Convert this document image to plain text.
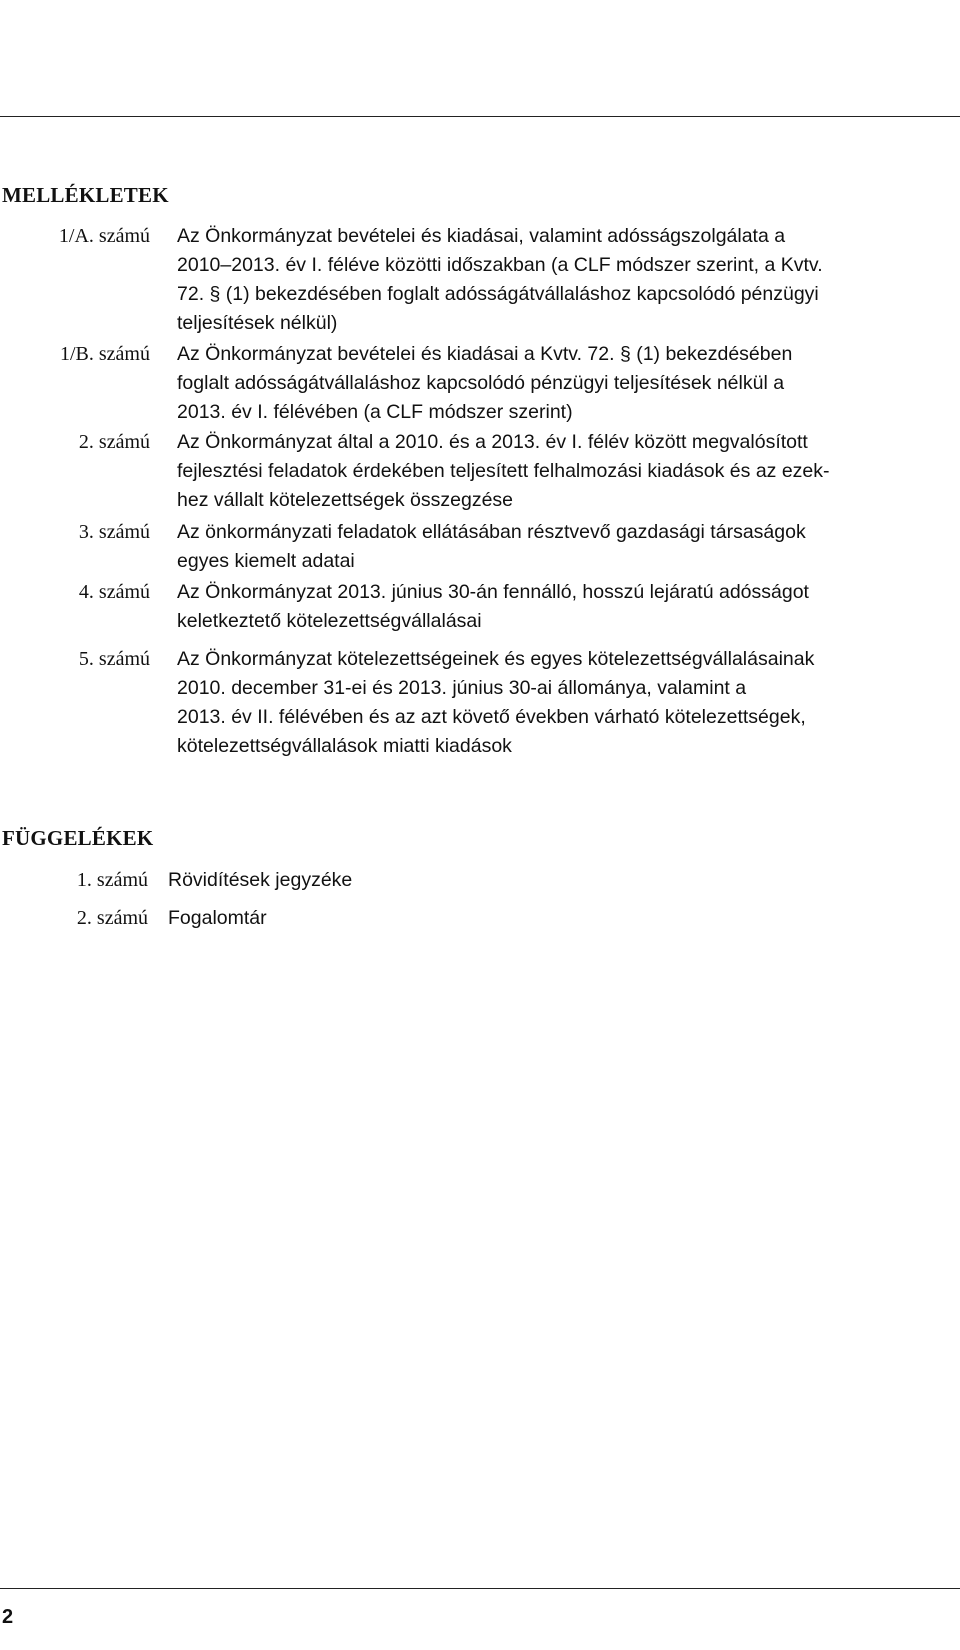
MELLÉKLETEK
1/A. számú Az Önkormányzat bevételei és kiadásai, valamint adósságszolgálata a
2010–2013. év I. féléve közötti időszakban (a CLF módszer szerint, a Kvtv.
72. § (1) bekezdésében foglalt adósságátvállaláshoz kapcsolódó pénzügyi
teljesítések nélkül)
1/B. számú Az Önkormányzat bevételei és kiadásai a Kvtv. 72. § (1) bekezdésében
foglalt adósságátvállaláshoz kapcsolódó pénzügyi teljesítések nélkül a
2013. év I. félévében (a CLF módszer szerint)
2. számú Az Önkormányzat által a 2010. és a 2013. év I. félév között megvalósított
fejlesztési feladatok érdekében teljesített felhalmozási kiadások és az ezek-
hez vállalt kötelezettségek összegzése
3. számú Az önkormányzati feladatok ellátásában résztvevő gazdasági társaságok
egyes kiemelt adatai
4. számú Az Önkormányzat 2013. június 30-án fennálló, hosszú lejáratú adósságot
keletkeztető kötelezettségvállalásai
5. számú Az Önkormányzat kötelezettségeinek és egyes kötelezettségvállalásainak
2010. december 31-ei és 2013. június 30-ai állománya, valamint a
2013. év II. félévében és az azt követő években várható kötelezettségek,
kötelezettségvállalások miatti kiadások
FÜGGELÉKEK
1. számú Rövidítések jegyzéke
2. számú Fogalomtár
2
